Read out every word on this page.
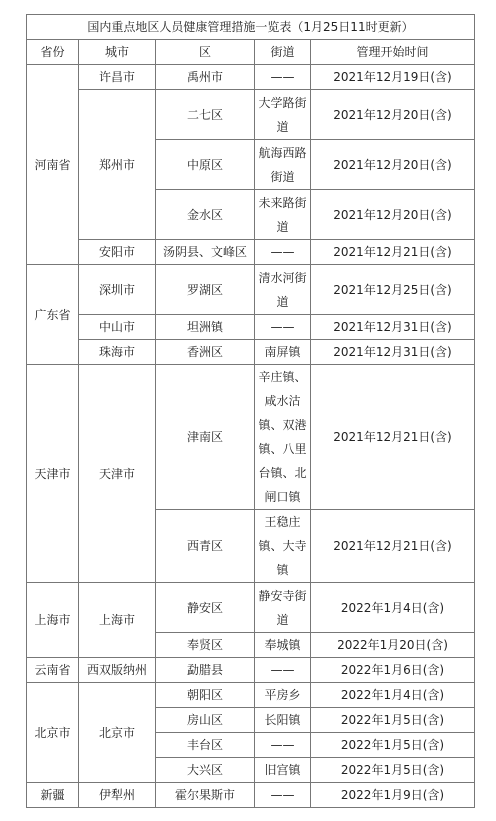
国内重点地区人员健康管理措施一览表（1月25日11时更新）				
省份	城市	区	街道	管理开始时间
河南省	许昌市	禹州市	——	2021年12月19日(含)
	郑州市	二七区	大学路街道	2021年12月20日(含)
		中原区	航海西路街道	2021年12月20日(含)
		金水区	未来路街道	2021年12月20日(含)
	安阳市	汤阴县、文峰区	——	2021年12月21日(含)
广东省	深圳市	罗湖区	清水河街道	2021年12月25日(含)
	中山市	坦洲镇	——	2021年12月31日(含)
	珠海市	香洲区	南屏镇	2021年12月31日(含)
天津市	天津市	津南区	辛庄镇、咸水沽镇、双港镇、八里台镇、北闸口镇	2021年12月21日(含)
		西青区	王稳庄镇、大寺镇	2021年12月21日(含)
上海市	上海市	静安区	静安寺街道	2022年1月4日(含)
		奉贤区	奉城镇	2022年1月20日(含)
云南省	西双版纳州	勐腊县	——	2022年1月6日(含)
北京市	北京市	朝阳区	平房乡	2022年1月4日(含)
		房山区	长阳镇	2022年1月5日(含)
		丰台区	——	2022年1月5日(含)
		大兴区	旧宫镇	2022年1月5日(含)
新疆	伊犁州	霍尔果斯市	——	2022年1月9日(含)
